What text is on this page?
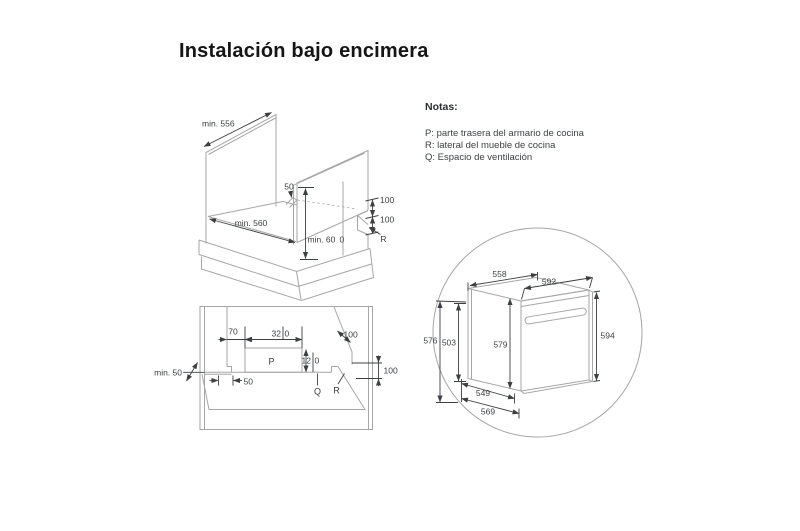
Instalación bajo encimera

Notas:

P: parte trasera del armario de cocina

R: lateral del mueble de cocina

Q: Espacio de ventilación

min. 556
min. 560
min. 60 0
50
100
100
R
70	32 0
P	12 0
100
100
min. 50
50
Q R
558
592
594
579
503
576
549
569
